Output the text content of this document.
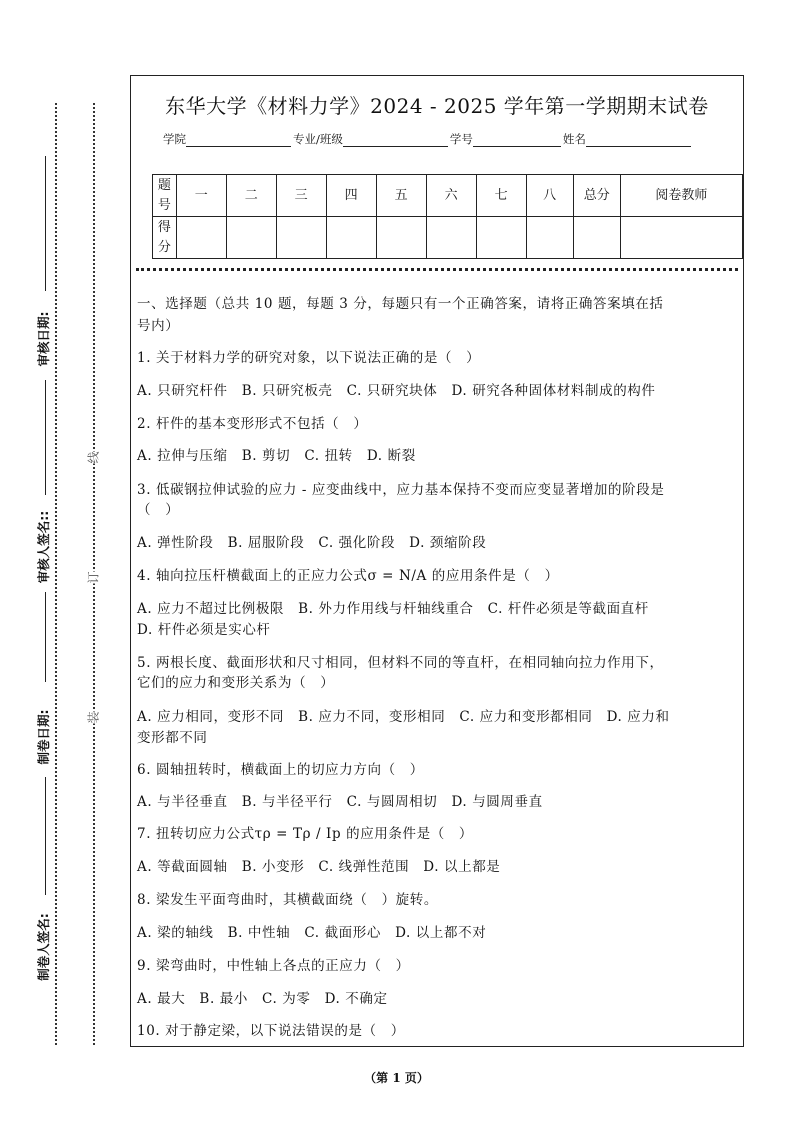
审核日期:
审核人签名::
制卷日期:
制卷人签名:
线
订
装
东华大学《材料力学》2024 - 2025 学年第一学期期末试卷
学院	专业/班级	学号	姓名
题号	一	二	三	四	五	六	七	八	总分	阅卷教师
得分										
一、选择题（总共 10 题，每题 3 分，每题只有一个正确答案，请将正确答案填在括
号内）
1. 关于材料力学的研究对象，以下说法正确的是（　）
A. 只研究杆件　B. 只研究板壳　C. 只研究块体　D. 研究各种固体材料制成的构件
2. 杆件的基本变形形式不包括（　）
A. 拉伸与压缩　B. 剪切　C. 扭转　D. 断裂
3. 低碳钢拉伸试验的应力 - 应变曲线中，应力基本保持不变而应变显著增加的阶段是
（　）
A. 弹性阶段　B. 屈服阶段　C. 强化阶段　D. 颈缩阶段
4. 轴向拉压杆横截面上的正应力公式σ = N/A 的应用条件是（　）
A. 应力不超过比例极限　B. 外力作用线与杆轴线重合　C. 杆件必须是等截面直杆
D. 杆件必须是实心杆
5. 两根长度、截面形状和尺寸相同，但材料不同的等直杆，在相同轴向拉力作用下，
它们的应力和变形关系为（　）
A. 应力相同，变形不同　B. 应力不同，变形相同　C. 应力和变形都相同　D. 应力和
变形都不同
6. 圆轴扭转时，横截面上的切应力方向（　）
A. 与半径垂直　B. 与半径平行　C. 与圆周相切　D. 与圆周垂直
7. 扭转切应力公式τρ = Tρ / Ip 的应用条件是（　）
A. 等截面圆轴　B. 小变形　C. 线弹性范围　D. 以上都是
8. 梁发生平面弯曲时，其横截面绕（　）旋转。
A. 梁的轴线　B. 中性轴　C. 截面形心　D. 以上都不对
9. 梁弯曲时，中性轴上各点的正应力（　）
A. 最大　B. 最小　C. 为零　D. 不确定
10. 对于静定梁，以下说法错误的是（　）
（第 1 页）
